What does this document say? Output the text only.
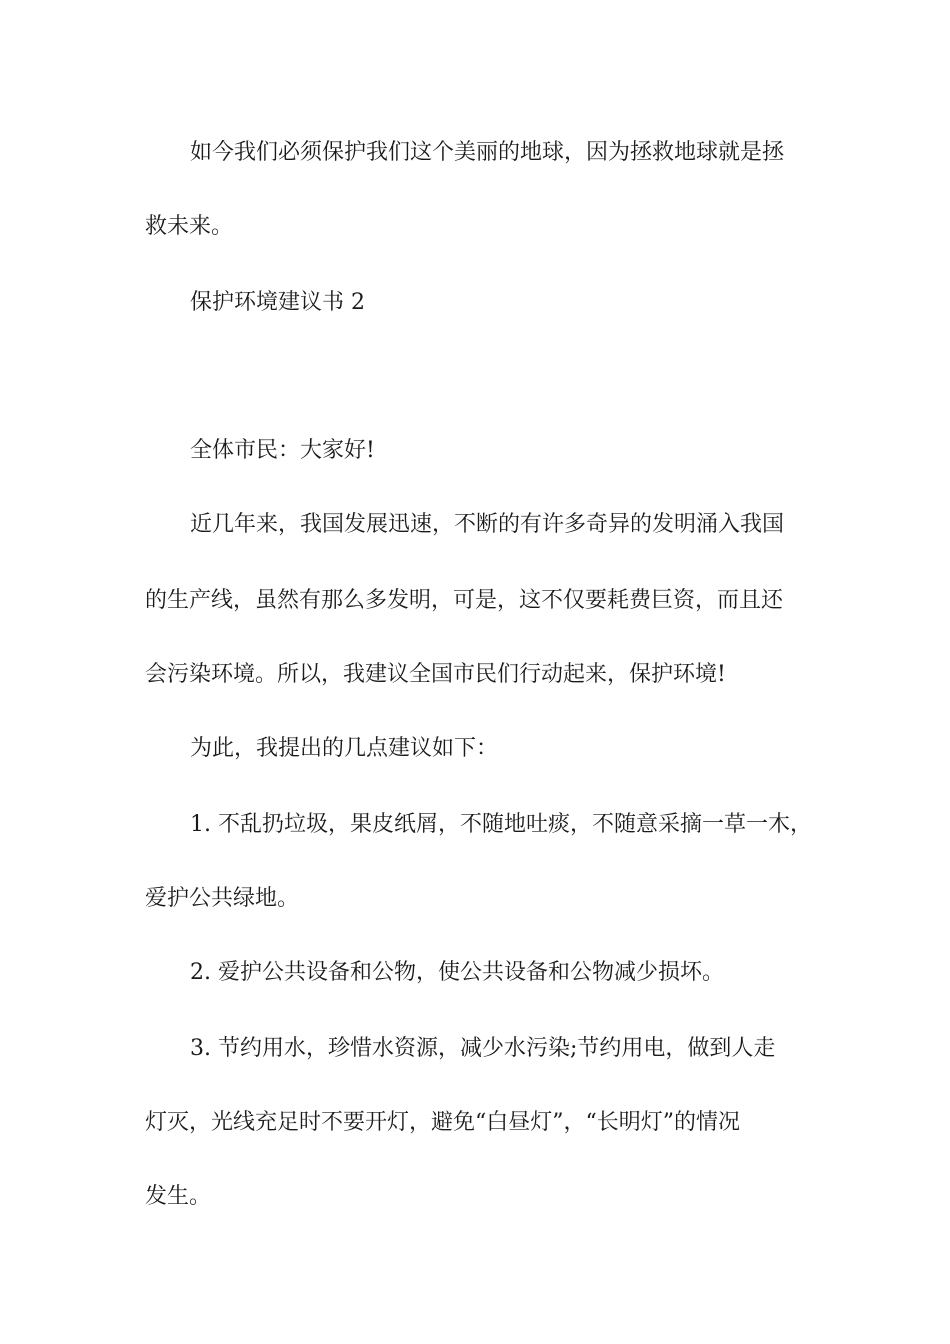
如今我们必须保护我们这个美丽的地球，因为拯救地球就是拯
救未来。
保护环境建议书 2
全体市民：大家好!
近几年来，我国发展迅速，不断的有许多奇异的发明涌入我国
的生产线，虽然有那么多发明，可是，这不仅要耗费巨资，而且还
会污染环境。所以，我建议全国市民们行动起来，保护环境!
为此，我提出的几点建议如下：
1. 不乱扔垃圾，果皮纸屑，不随地吐痰，不随意采摘一草一木，
爱护公共绿地。
2. 爱护公共设备和公物，使公共设备和公物减少损坏。
3. 节约用水，珍惜水资源，减少水污染;节约用电，做到人走
灯灭，光线充足时不要开灯，避免“白昼灯”，“长明灯”的情况
发生。
